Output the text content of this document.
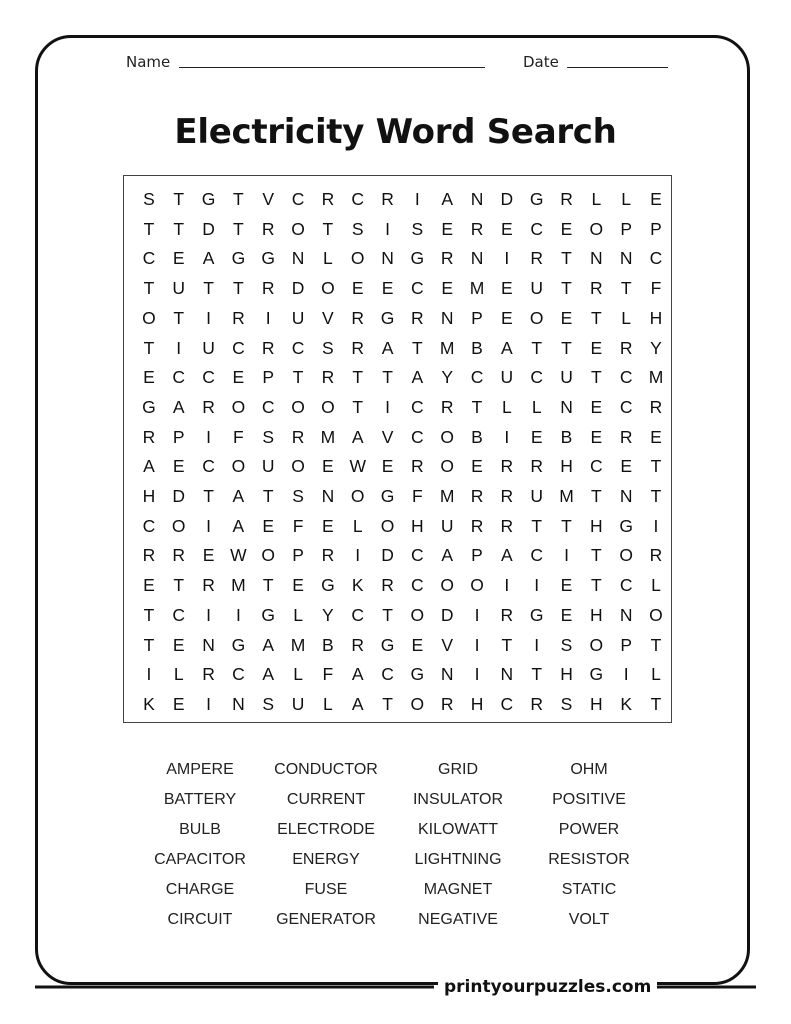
Name	Date
Electricity Word Search
S	T	G	T	V	C R C R	I	A	N D G R	L	L	E
T	T	D	T	R O	T	S	I	S	E	R	E	C	E O P	P
C	E	A G G N	L	O N G R N	I	R	T	N N C
T	U	T	T	R D O E	E	C	E M E	U	T	R	T	F
O	T	I	R	I	U	V	R G R N	P	E O E	T	L	H
T	I	U C R C	S	R	A	T M B	A	T	T	E	R	Y
E	C C	E	P	T	R	T	T	A	Y	C U C U	T	C M
G A	R O C O O	T	I	C R	T	L	L	N	E	C R
R	P	I	F	S	R M A	V	C O B	I	E	B	E	R	E
A	E	C O U O E W E	R O E	R R H C	E	T
H D	T	A	T	S	N O G	F M R R U M T	N	T
C O	I	A	E	F	E	L	O H U R R	T	T	H G	I
R R	E W O P	R	I	D C	A	P	A	C	I	T	O R
E	T	R M T	E G K	R C O O	I	I	E	T	C	L
T	C	I	I	G	L	Y	C	T	O D	I	R G E	H N O
T	E	N G A M B	R G E	V	I	T	I	S O P	T
I	L	R C	A	L	F	A	C G N	I	N	T	H G	I	L
K	E	I	N	S	U	L	A	T	O R H C R	S	H	K	T
AMPERE	CONDUCTOR	GRID	OHM
BATTERY	CURRENT	INSULATOR	POSITIVE
BULB	ELECTRODE	KILOWATT	POWER
CAPACITOR	ENERGY	LIGHTNING	RESISTOR
CHARGE	FUSE	MAGNET	STATIC
CIRCUIT	GENERATOR	NEGATIVE	VOLT
printyourpuzzles.com
